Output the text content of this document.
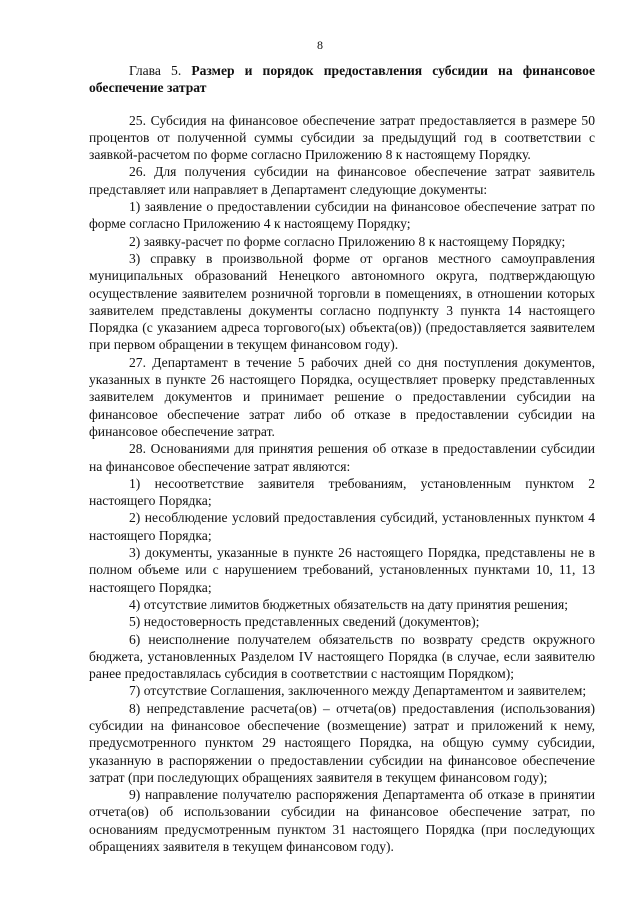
8

Глава 5. Размер и порядок предоставления субсидии на финансовое обеспечение затрат

25. Субсидия на финансовое обеспечение затрат предоставляется в размере 50 процентов от полученной суммы субсидии за предыдущий год в соответствии с заявкой-расчетом по форме согласно Приложению 8 к настоящему Порядку.

26. Для получения субсидии на финансовое обеспечение затрат заявитель представляет или направляет в Департамент следующие документы:

1) заявление о предоставлении субсидии на финансовое обеспечение затрат по форме согласно Приложению 4 к настоящему Порядку;

2) заявку-расчет по форме согласно Приложению 8 к настоящему Порядку;

3) справку в произвольной форме от органов местного самоуправления муниципальных образований Ненецкого автономного округа, подтверждающую осуществление заявителем розничной торговли в помещениях, в отношении которых заявителем представлены документы согласно подпункту 3 пункта 14 настоящего Порядка (с указанием адреса торгового(ых) объекта(ов)) (предоставляется заявителем при первом обращении в текущем финансовом году).

27. Департамент в течение 5 рабочих дней со дня поступления документов, указанных в пункте 26 настоящего Порядка, осуществляет проверку представленных заявителем документов и принимает решение о предоставлении субсидии на финансовое обеспечение затрат либо об отказе в предоставлении субсидии на финансовое обеспечение затрат.

28. Основаниями для принятия решения об отказе в предоставлении субсидии на финансовое обеспечение затрат являются:

1) несоответствие заявителя требованиям, установленным пунктом 2 настоящего Порядка;

2) несоблюдение условий предоставления субсидий, установленных пунктом 4 настоящего Порядка;

3) документы, указанные в пункте 26 настоящего Порядка, представлены не в полном объеме или с нарушением требований, установленных пунктами 10, 11, 13 настоящего Порядка;

4) отсутствие лимитов бюджетных обязательств на дату принятия решения;

5) недостоверность представленных сведений (документов);

6) неисполнение получателем обязательств по возврату средств окружного бюджета, установленных Разделом IV настоящего Порядка (в случае, если заявителю ранее предоставлялась субсидия в соответствии с настоящим Порядком);

7) отсутствие Соглашения, заключенного между Департаментом и заявителем;

8) непредставление расчета(ов) – отчета(ов) предоставления (использования) субсидии на финансовое обеспечение (возмещение) затрат и приложений к нему, предусмотренного пунктом 29 настоящего Порядка, на общую сумму субсидии, указанную в распоряжении о предоставлении субсидии на финансовое обеспечение затрат (при последующих обращениях заявителя в текущем финансовом году);

9) направление получателю распоряжения Департамента об отказе в принятии отчета(ов) об использовании субсидии на финансовое обеспечение затрат, по основаниям предусмотренным пунктом 31 настоящего Порядка (при последующих обращениях заявителя в текущем финансовом году).
